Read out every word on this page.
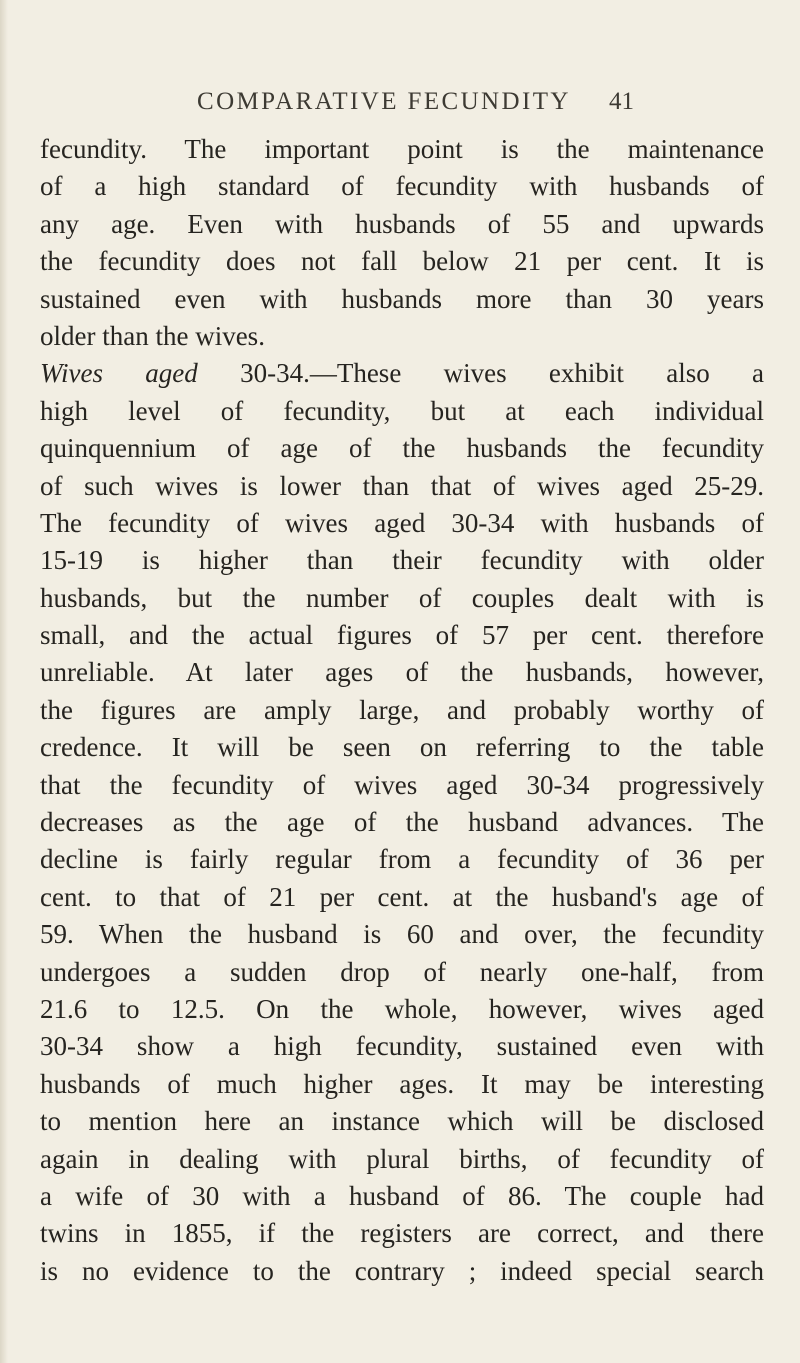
COMPARATIVE FECUNDITY 41
fecundity. The important point is the maintenance
of a high standard of fecundity with husbands of
any age. Even with husbands of 55 and upwards
the fecundity does not fall below 21 per cent. It is
sustained even with husbands more than 30 years
older than the wives.
Wives aged 30-34.—These wives exhibit also a
high level of fecundity, but at each individual
quinquennium of age of the husbands the fecundity
of such wives is lower than that of wives aged 25-29.
The fecundity of wives aged 30-34 with husbands of
15-19 is higher than their fecundity with older
husbands, but the number of couples dealt with is
small, and the actual figures of 57 per cent. therefore
unreliable. At later ages of the husbands, however,
the figures are amply large, and probably worthy of
credence. It will be seen on referring to the table
that the fecundity of wives aged 30-34 progressively
decreases as the age of the husband advances. The
decline is fairly regular from a fecundity of 36 per
cent. to that of 21 per cent. at the husband's age of
59. When the husband is 60 and over, the fecundity
undergoes a sudden drop of nearly one-half, from
21.6 to 12.5. On the whole, however, wives aged
30-34 show a high fecundity, sustained even with
husbands of much higher ages. It may be interesting
to mention here an instance which will be disclosed
again in dealing with plural births, of fecundity of
a wife of 30 with a husband of 86. The couple had
twins in 1855, if the registers are correct, and there
is no evidence to the contrary ; indeed special search
